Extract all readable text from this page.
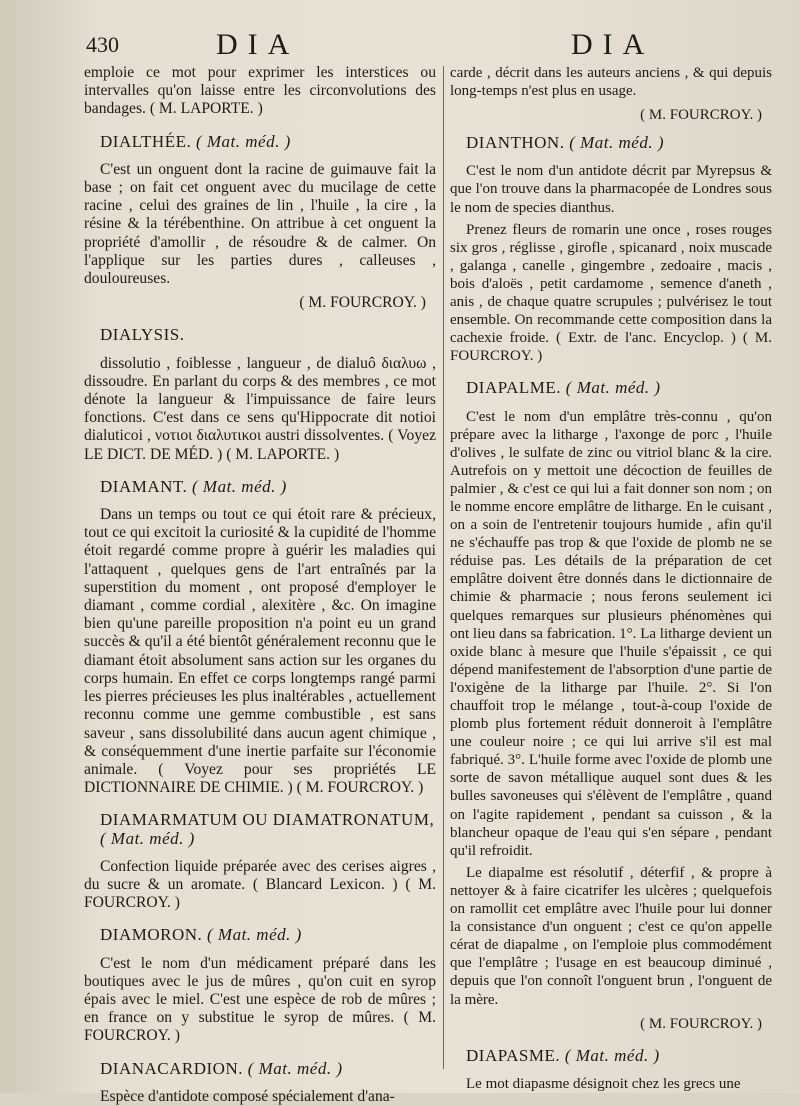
430	DIA	DIA

emploie ce mot pour exprimer les interstices ou intervalles qu'on laisse entre les circonvolutions des bandages. ( M. LAPORTE. )

DIALTHÉE. ( Mat. méd. )

C'est un onguent dont la racine de guimauve fait la base ; on fait cet onguent avec du mucilage de cette racine , celui des graines de lin , l'huile , la cire , la résine & la térébenthine. On attribue à cet onguent la propriété d'amollir , de résoudre & de calmer. On l'applique sur les parties dures , calleuses , douloureuses.

( M. FOURCROY. )

DIALYSIS.

dissolutio , foiblesse , langueur , de dialuô διαλυω , dissoudre. En parlant du corps & des membres , ce mot dénote la langueur & l'impuissance de faire leurs fonctions. C'est dans ce sens qu'Hippocrate dit notioi dialuticoi , νοτιοι διαλυτικοι austri dissolventes. ( Voyez LE DICT. DE MÉD. ) ( M. LAPORTE. )

DIAMANT. ( Mat. méd. )

Dans un temps ou tout ce qui étoit rare & précieux, tout ce qui excitoit la curiosité & la cupidité de l'homme étoit regardé comme propre à guérir les maladies qui l'attaquent , quelques gens de l'art entraînés par la superstition du moment , ont proposé d'employer le diamant , comme cordial , alexitère , &c. On imagine bien qu'une pareille proposition n'a point eu un grand succès & qu'il a été bientôt généralement reconnu que le diamant étoit absolument sans action sur les organes du corps humain. En effet ce corps longtemps rangé parmi les pierres précieuses les plus inaltérables , actuellement reconnu comme une gemme combustible , est sans saveur , sans dissolubilité dans aucun agent chimique , & conséquemment d'une inertie parfaite sur l'économie animale. ( Voyez pour ses propriétés LE DICTIONNAIRE DE CHIMIE. ) ( M. FOURCROY. )

DIAMARMATUM OU DIAMATRONATUM, ( Mat. méd. )

Confection liquide préparée avec des cerises aigres , du sucre & un aromate. ( Blancard Lexicon. ) ( M. FOURCROY. )

DIAMORON. ( Mat. méd. )

C'est le nom d'un médicament préparé dans les boutiques avec le jus de mûres , qu'on cuit en syrop épais avec le miel. C'est une espèce de rob de mûres ; en france on y substitue le syrop de mûres. ( M. FOURCROY. )

DIANACARDION. ( Mat. méd. )

Espèce d'antidote composé spécialement d'ana-

carde , décrit dans les auteurs anciens , & qui depuis long-temps n'est plus en usage.

( M. FOURCROY. )

DIANTHON. ( Mat. méd. )

C'est le nom d'un antidote décrit par Myrepsus & que l'on trouve dans la pharmacopée de Londres sous le nom de species dianthus.

Prenez fleurs de romarin une once , roses rouges six gros , réglisse , girofle , spicanard , noix muscade , galanga , canelle , gingembre , zedoaire , macis , bois d'aloës , petit cardamome , semence d'aneth , anis , de chaque quatre scrupules ; pulvérisez le tout ensemble. On recommande cette composition dans la cachexie froide. ( Extr. de l'anc. Encyclop. ) ( M. FOURCROY. )

DIAPALME. ( Mat. méd. )

C'est le nom d'un emplâtre très-connu , qu'on prépare avec la litharge , l'axonge de porc , l'huile d'olives , le sulfate de zinc ou vitriol blanc & la cire. Autrefois on y mettoit une décoction de feuilles de palmier , & c'est ce qui lui a fait donner son nom ; on le nomme encore emplâtre de litharge. En le cuisant , on a soin de l'entretenir toujours humide , afin qu'il ne s'échauffe pas trop & que l'oxide de plomb ne se réduise pas. Les détails de la préparation de cet emplâtre doivent être donnés dans le dictionnaire de chimie & pharmacie ; nous ferons seulement ici quelques remarques sur plusieurs phénomènes qui ont lieu dans sa fabrication. 1°. La litharge devient un oxide blanc à mesure que l'huile s'épaissit , ce qui dépend manifestement de l'absorption d'une partie de l'oxigène de la litharge par l'huile. 2°. Si l'on chauffoit trop le mélange , tout-à-coup l'oxide de plomb plus fortement réduit donneroit à l'emplâtre une couleur noire ; ce qui lui arrive s'il est mal fabriqué. 3°. L'huile forme avec l'oxide de plomb une sorte de savon métallique auquel sont dues & les bulles savoneuses qui s'élèvent de l'emplâtre , quand on l'agite rapidement , pendant sa cuisson , & la blancheur opaque de l'eau qui s'en sépare , pendant qu'il refroidit.

Le diapalme est résolutif , déterfif , & propre à nettoyer & à faire cicatrifer les ulcères ; quelquefois on ramollit cet emplâtre avec l'huile pour lui donner la consistance d'un onguent ; c'est ce qu'on appelle cérat de diapalme , on l'emploie plus commodément que l'emplâtre ; l'usage en est beaucoup diminué , depuis que l'on connoît l'onguent brun , l'onguent de la mère.

( M. FOURCROY. )

DIAPASME. ( Mat. méd. )

Le mot diapasme désignoit chez les grecs une
